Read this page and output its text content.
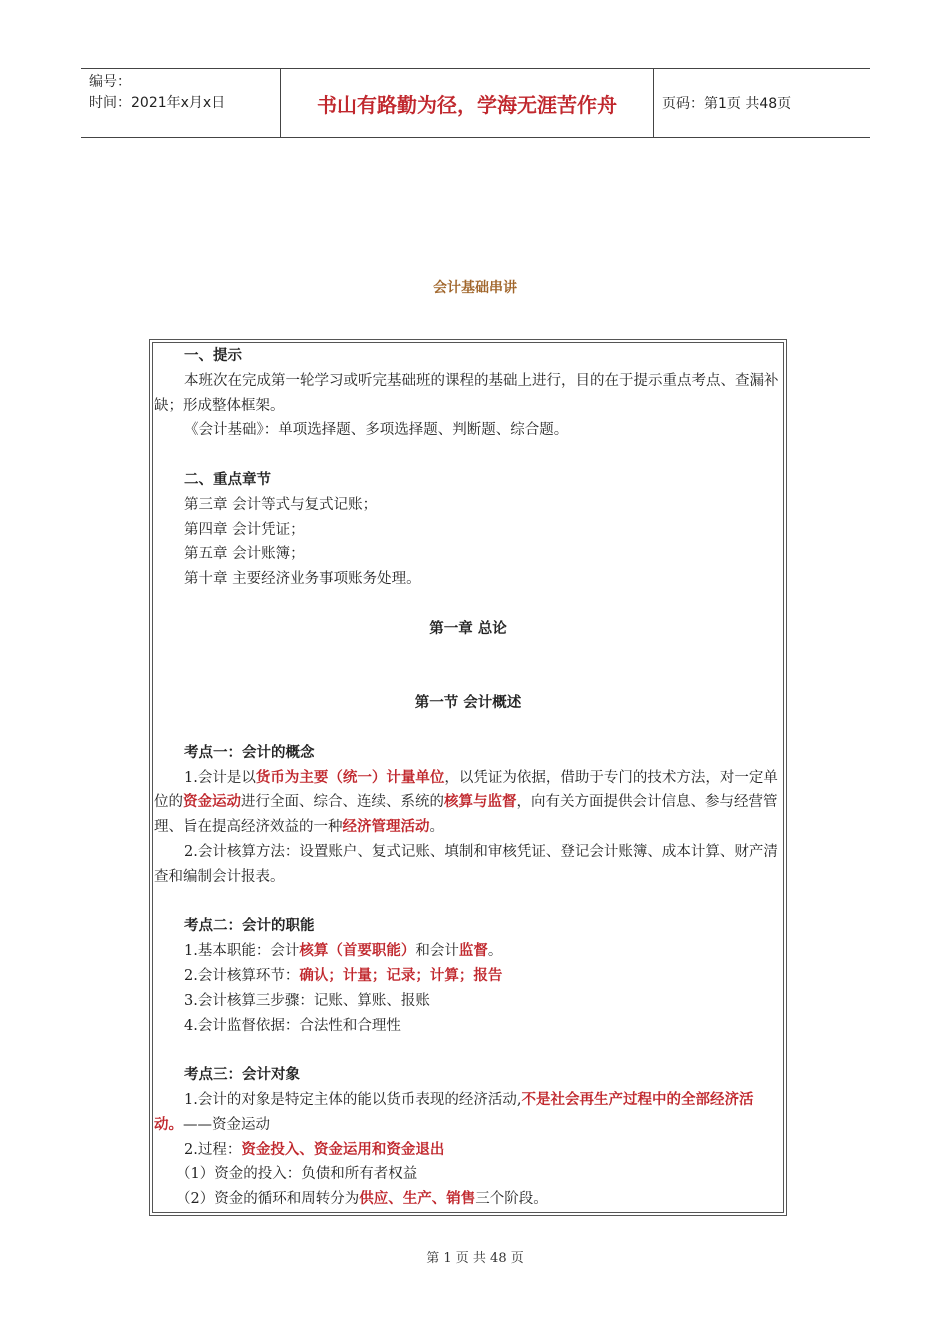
编号：
时间：2021年x月x日	书山有路勤为径，学海无涯苦作舟	页码：第1页 共48页
会计基础串讲

一、提示

本班次在完成第一轮学习或听完基础班的课程的基础上进行，目的在于提示重点考点、查漏补缺；形成整体框架。

《会计基础》：单项选择题、多项选择题、判断题、综合题。

二、重点章节

第三章 会计等式与复式记账；

第四章 会计凭证；

第五章 会计账簿；

第十章 主要经济业务事项账务处理。

第一章 总论

第一节 会计概述

考点一：会计的概念

1.会计是以货币为主要（统一）计量单位，以凭证为依据，借助于专门的技术方法，对一定单位的资金运动进行全面、综合、连续、系统的核算与监督，向有关方面提供会计信息、参与经营管理、旨在提高经济效益的一种经济管理活动。

2.会计核算方法：设置账户、复式记账、填制和审核凭证、登记会计账簿、成本计算、财产清查和编制会计报表。

考点二：会计的职能

1.基本职能：会计核算（首要职能）和会计监督。

2.会计核算环节：确认；计量；记录；计算；报告

3.会计核算三步骤：记账、算账、报账

4.会计监督依据：合法性和合理性

考点三：会计对象

1.会计的对象是特定主体的能以货币表现的经济活动,不是社会再生产过程中的全部经济活动。——资金运动

2.过程：资金投入、资金运用和资金退出

（1）资金的投入：负债和所有者权益

（2）资金的循环和周转分为供应、生产、销售三个阶段。

第 1 页 共 48 页
